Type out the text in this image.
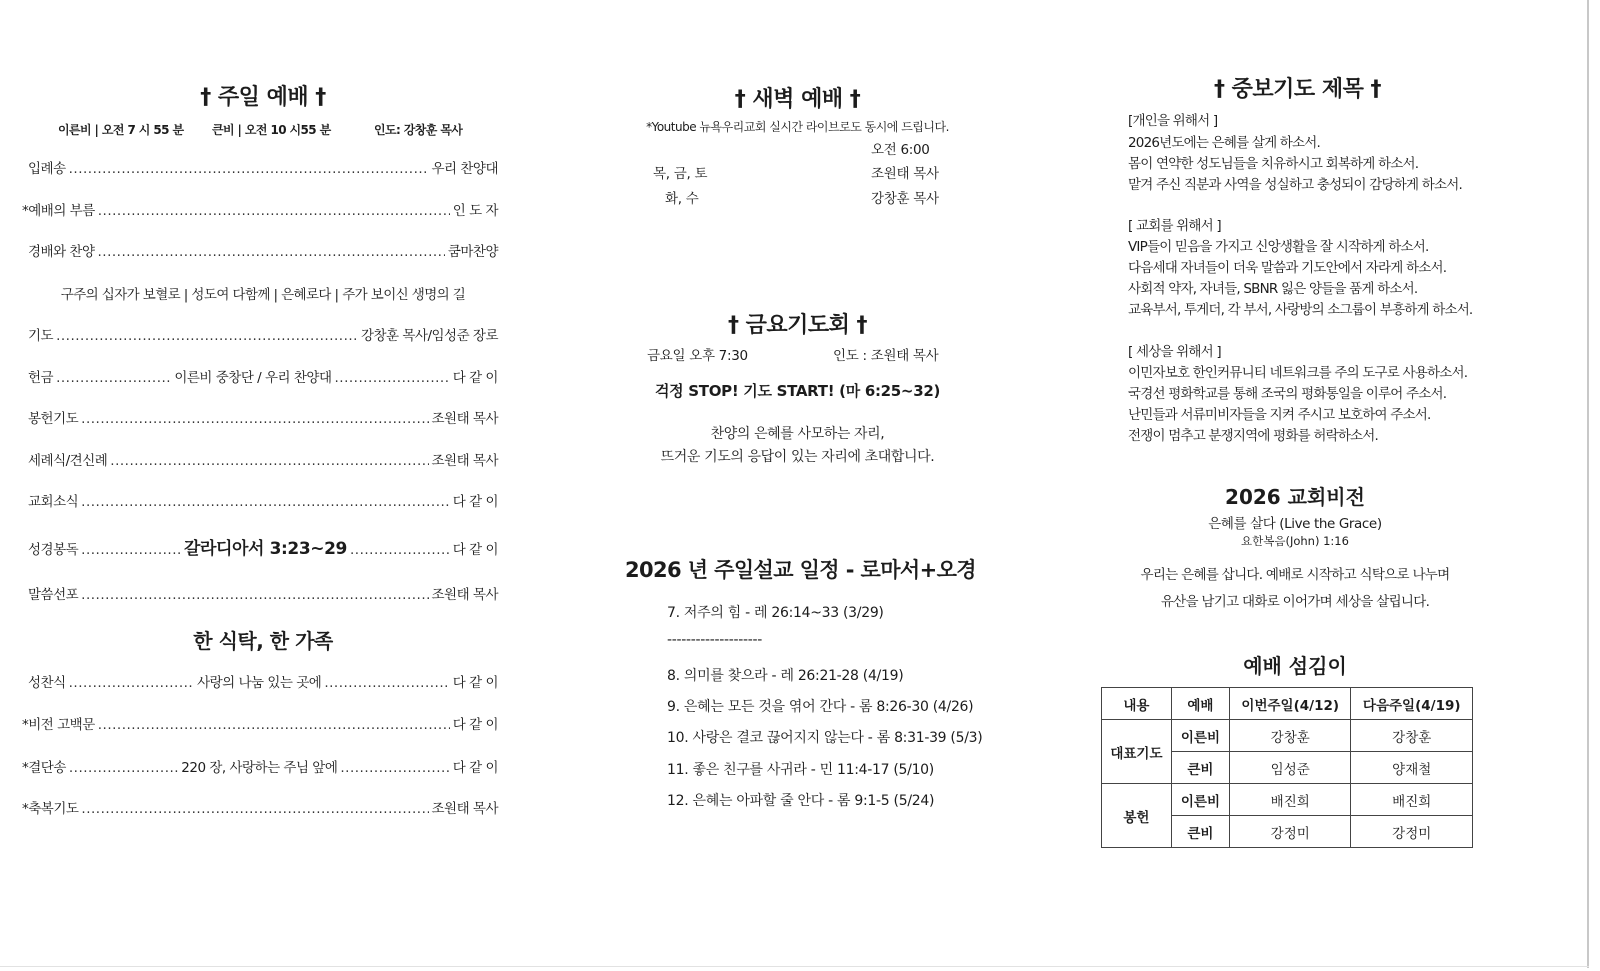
† 주일 예배 †
이른비 | 오전 7 시 55 분 큰비 | 오전 10 시55 분	인도: 강창훈 목사
입례송 .....	우리 찬양대
*예배의 부름 .....	인 도 자
경배와 찬양 .....	쿰마찬양
구주의 십자가 보혈로 | 성도여 다함께 | 은혜로다 | 주가 보이신 생명의 길
기도 .....	강창훈 목사/임성준 장로
헌금 .....	이른비 중창단 / 우리 찬양대 .....	다 같 이
봉헌기도 .....	조원태 목사
세례식/견신례 .....	조원태 목사
교회소식 .....	다 같 이
성경봉독 .....	갈라디아서 3:23~29 .....	다 같 이
말씀선포 .....	조원태 목사
한 식탁, 한 가족
성찬식 .....	사랑의 나눔 있는 곳에 .....	다 같 이
*비전 고백문 .....	다 같 이
*결단송 .....	220 장, 사랑하는 주님 앞에 .....	다 같 이
*축복기도 .....	조원태 목사
† 새벽 예배 †
*Youtube 뉴욕우리교회 실시간 라이브로도 동시에 드립니다.
오전 6:00
목, 금, 토	조원태 목사
화, 수	강창훈 목사
† 금요기도회 †
금요일 오후 7:30	인도 : 조원태 목사
걱정 STOP! 기도 START! (마 6:25~32)
찬양의 은혜를 사모하는 자리,
뜨거운 기도의 응답이 있는 자리에 초대합니다.
2026 년 주일설교 일정 - 로마서+오경
7. 저주의 힘 - 레 26:14~33 (3/29)
--------------------
8. 의미를 찾으라 - 레 26:21-28 (4/19)
9. 은혜는 모든 것을 엮어 간다 - 롬 8:26-30 (4/26)
10. 사랑은 결코 끊어지지 않는다 - 롬 8:31-39 (5/3)
11. 좋은 친구를 사귀라 - 민 11:4-17 (5/10)
12. 은혜는 아파할 줄 안다 - 롬 9:1-5 (5/24)
† 중보기도 제목 †
[개인을 위해서 ]
2026년도에는 은혜를 살게 하소서.
몸이 연약한 성도님들을 치유하시고 회복하게 하소서.
맡겨 주신 직분과 사역을 성실하고 충성되이 감당하게 하소서.
[ 교회를 위해서 ]
VIP들이 믿음을 가지고 신앙생활을 잘 시작하게 하소서.
다음세대 자녀들이 더욱 말씀과 기도안에서 자라게 하소서.
사회적 약자, 자녀들, SBNR 잃은 양들을 품게 하소서.
교육부서, 투게더, 각 부서, 사랑방의 소그룹이 부흥하게 하소서.
[ 세상을 위해서 ]
이민자보호 한인커뮤니티 네트워크를 주의 도구로 사용하소서.
국경선 평화학교를 통해 조국의 평화통일을 이루어 주소서.
난민들과 서류미비자들을 지켜 주시고 보호하여 주소서.
전쟁이 멈추고 분쟁지역에 평화를 허락하소서.
2026 교회비전
은혜를 살다 (Live the Grace)
요한복음(John) 1:16
우리는 은혜를 삽니다. 예배로 시작하고 식탁으로 나누며
유산을 남기고 대화로 이어가며 세상을 살립니다.
예배 섬김이
내용	예배	이번주일(4/12)	다음주일(4/19)
대표기도	이른비	강창훈	강창훈
	큰비	임성준	양재철
봉헌	이른비	배진희	배진희
	큰비	강정미	강정미
